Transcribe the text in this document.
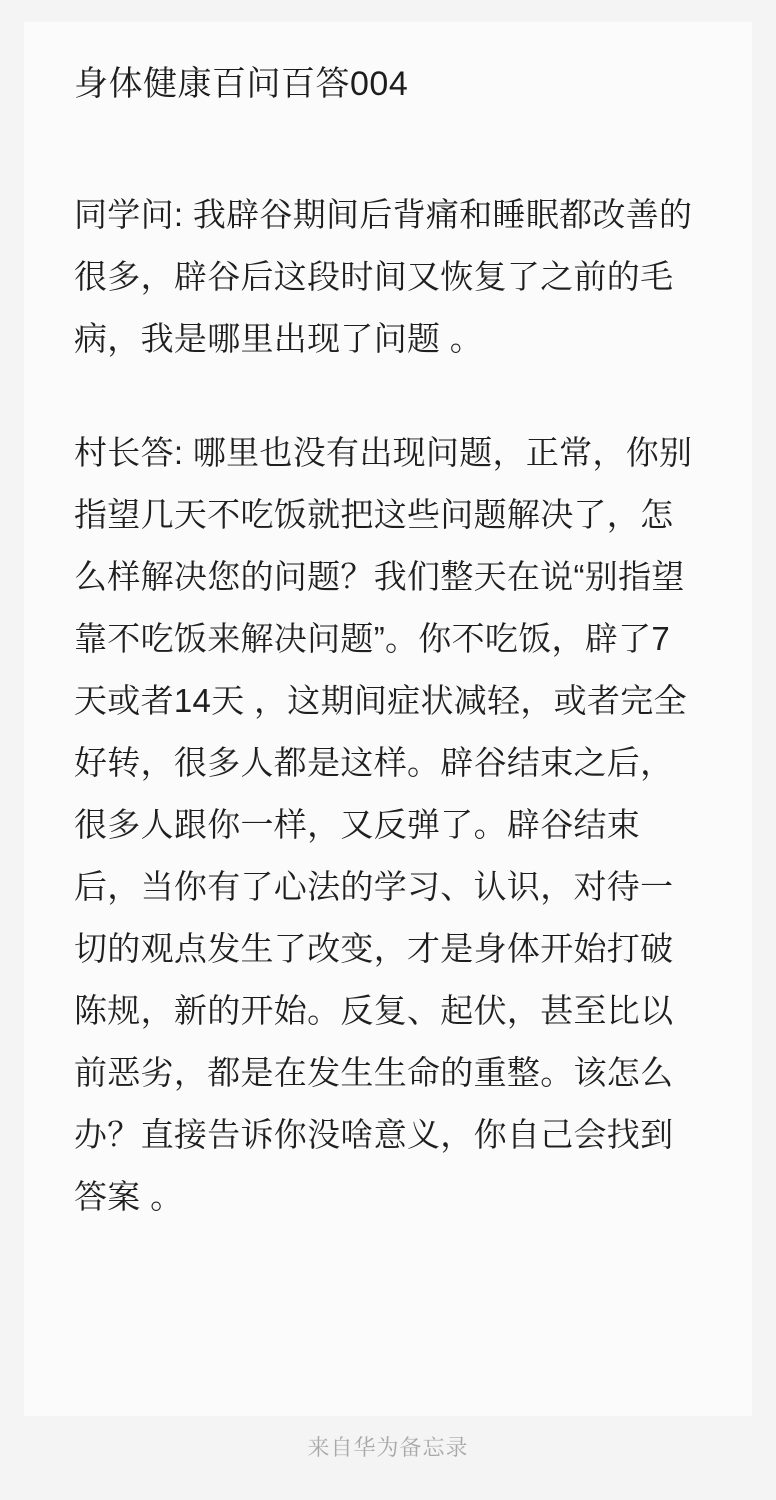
身体健康百问百答004

同学问: 我辟谷期间后背痛和睡眠都改善的很多，辟谷后这段时间又恢复了之前的毛病，我是哪里出现了问题 。

村长答: 哪里也没有出现问题，正常，你别指望几天不吃饭就把这些问题解决了，怎么样解决您的问题？我们整天在说“别指望靠不吃饭来解决问题”。你不吃饭，辟了7天或者14天 ，这期间症状减轻，或者完全好转，很多人都是这样。辟谷结束之后，很多人跟你一样，又反弹了。辟谷结束后，当你有了心法的学习、认识，对待一切的观点发生了改变，才是身体开始打破陈规，新的开始。反复、起伏，甚至比以前恶劣，都是在发生生命的重整。该怎么办？直接告诉你没啥意义，你自己会找到答案 。

来自华为备忘录
